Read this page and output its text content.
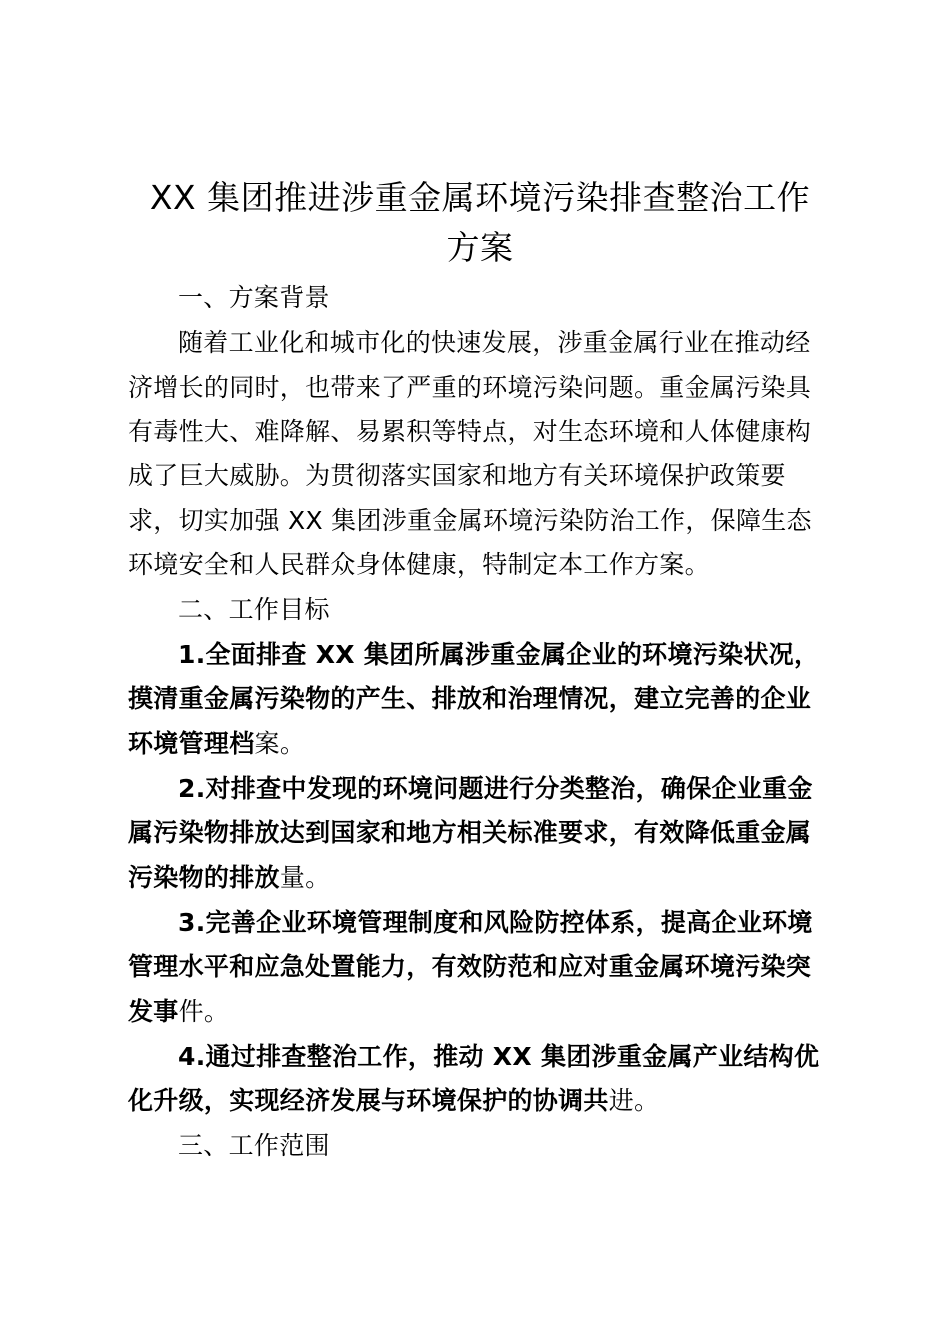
XX 集团推进涉重金属环境污染排查整治工作
方案

一、方案背景

随着工业化和城市化的快速发展，涉重金属行业在推动经

济增长的同时，也带来了严重的环境污染问题。重金属污染具

有毒性大、难降解、易累积等特点，对生态环境和人体健康构

成了巨大威胁。为贯彻落实国家和地方有关环境保护政策要

求，切实加强 XX 集团涉重金属环境污染防治工作，保障生态

环境安全和人民群众身体健康，特制定本工作方案。

二、工作目标

1.全面排查 XX 集团所属涉重金属企业的环境污染状况，

摸清重金属污染物的产生、排放和治理情况，建立完善的企业

环境管理档案。

2.对排查中发现的环境问题进行分类整治，确保企业重金

属污染物排放达到国家和地方相关标准要求，有效降低重金属

污染物的排放量。

3.完善企业环境管理制度和风险防控体系，提高企业环境

管理水平和应急处置能力，有效防范和应对重金属环境污染突

发事件。

4.通过排查整治工作，推动 XX 集团涉重金属产业结构优

化升级，实现经济发展与环境保护的协调共进。

三、工作范围
